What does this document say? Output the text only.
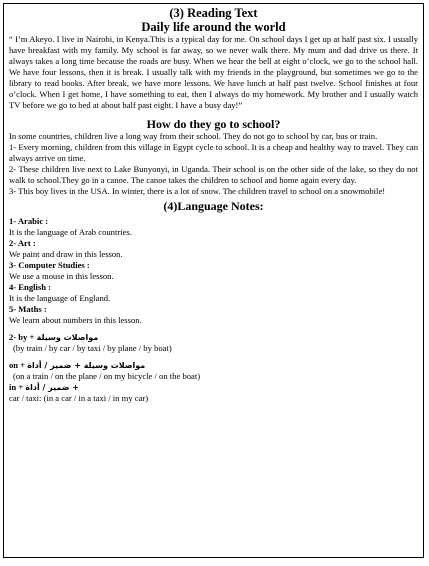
(3) Reading Text
Daily life around the world

“ I’m Akeyo. I live in Nairobi, in Kenya.This is a typical day for me. On school days I get up at half past six. I usually have breakfast with my family. My school is far away, so we never walk there. My mum and dad drive us there. It always takes a long time because the roads are busy. When we hear the bell at eight o’clock, we go to the school hall. We have four lessons, then it is break. I usually talk with my friends in the playground, but sometimes we go to the library to read books. After break, we have more lessons. We have lunch at half past twelve. School finishes at four o’clock. When I get home, I have something to eat, then I always do my homework. My brother and I usually watch TV before we go to bed at about half past eight. I have a busy day!”

How do they go to school?

In some countries, children live a long way from their school. They do not go to school by car, bus or train.

1- Every morning, children from this village in Egypt cycle to school. It is a cheap and healthy way to travel. They can always arrive on time.

2- These children live next to Lake Bunyonyi, in Uganda. Their school is on the other side of the lake, so they do not walk to school.They go in a canoe. The canoe takes the children to school and home again every day.

3- This boy lives in the USA. In winter, there is a lot of snow. The children travel to school on a snowmobile!

(4)Language Notes:
1- Arabic :
It is the language of Arab countries.
2- Art :
We paint and draw in this lesson.
3- Computer Studies :
We use a mouse in this lesson.
4- English :
It is the language of England.
5- Maths :
We learn about numbers in this lesson.
2- by + مواصلات وسيلة
(by train / by car / by taxi / by plane / by boat)
on + مواصلات وسيلة + ضمير / أداة
(on a train / on the plane / on my bicycle / on the boat)
in + + ضمير / أداة
car / taxi: (in a car / in a taxi / in my car)
